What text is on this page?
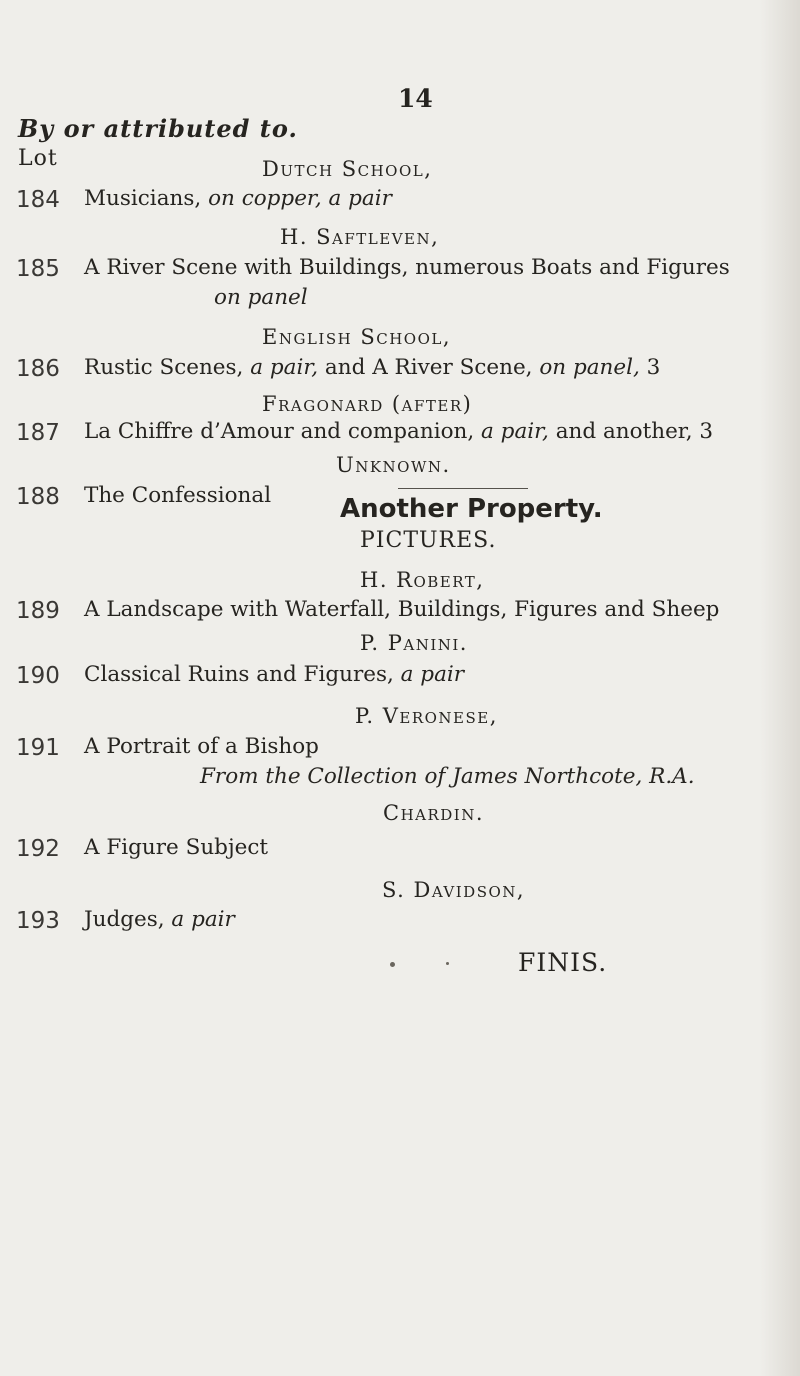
14
By or attributed to.
Lot	Dutch School,
184 Musicians, on copper, a pair
H. Saftleven,
185 A River Scene with Buildings, numerous Boats and Figures
on panel
English School,
186 Rustic Scenes, a pair, and A River Scene, on panel, 3
Fragonard (after)
187 La Chiffre d’Amour and companion, a pair, and another, 3
Unknown.
188 The Confessional	Another Property.
PICTURES.
H. Robert,
189 A Landscape with Waterfall, Buildings, Figures and Sheep
P. Panini.
190 Classical Ruins and Figures, a pair
P. Veronese,
191 A Portrait of a Bishop
From the Collection of James Northcote, R.A.
Chardin.
192 A Figure Subject
S. Davidson,
193 Judges, a pair
FINIS.
